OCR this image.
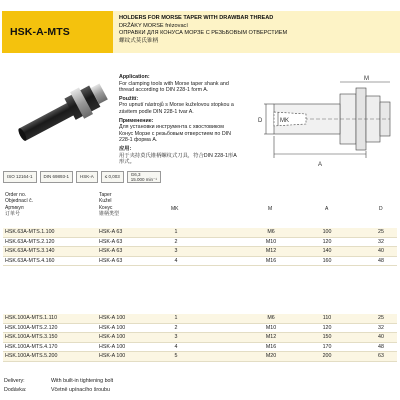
HSK-A-MTS
HOLDERS FOR MORSE TAPER WITH DRAWBAR THREAD
DRŽÁKY MORSE frézovací
ОПРАВКИ ДЛЯ КОНУСА МОРЗЕ С РЕЗЬБОВЫМ ОТВЕРСТИЕМ
螺纹式莫氏锥柄
Application:
For clamping tools with Morse taper shank and thread according to DIN 228-1 form A.
Použití:
Pro upnutí nástrojů s Morse kuželovou stopkou a závitem podle DIN 228-1 tvar A.
Применение:
Для установки инструмента с хвостовиком Конус Морзе с резьбовым отверстием по DIN 228-1 форма А.
应用:
用于夹持莫氏锥柄螺纹式刀具，符合DIN 228-1形A形式。
D	MK
A
M
ISO 12164-1	DIN 69893-1	HSK-A	≤ 0,003	G6,3
15.000 min⁻¹
Order no.
Objednací č.
Артикул
订单号
Taper
Kužel
Конус
锥柄类型
MK	M	A	D
HSK.63A-MTS.1.100	HSK-A 63	1	M6	100	25
HSK.63A-MTS.2.120	HSK-A 63	2	M10	120	32
HSK.63A-MTS.3.140	HSK-A 63	3	M12	140	40
HSK.63A-MTS.4.160	HSK-A 63	4	M16	160	48
HSK.100A-MTS.1.110	HSK-A 100	1	M6	110	25
HSK.100A-MTS.2.120	HSK-A 100	2	M10	120	32
HSK.100A-MTS.3.150	HSK-A 100	3	M12	150	40
HSK.100A-MTS.4.170	HSK-A 100	4	M16	170	48
HSK.100A-MTS.5.200	HSK-A 100	5	M20	200	63
Delivery:	With built-in tightening bolt
Dodávka:	Včetně upínacího šroubu
